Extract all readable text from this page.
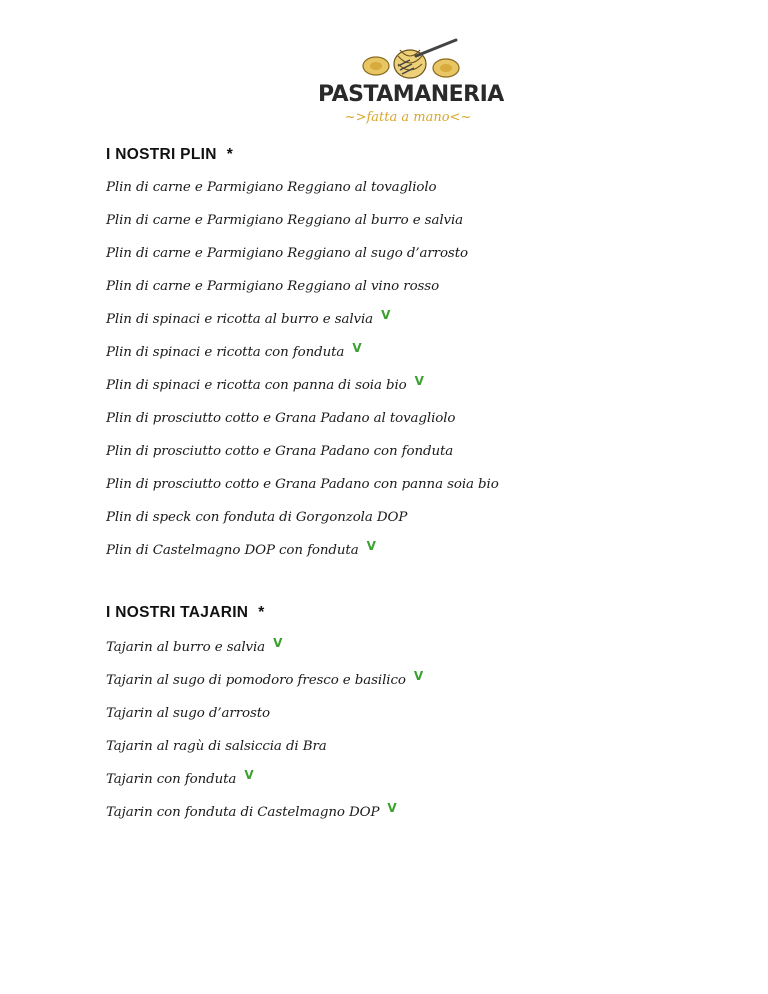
PASTAMANERIA
~>fatta a mano<~
I NOSTRI PLIN *
Plin di carne e Parmigiano Reggiano al tovagliolo
Plin di carne e Parmigiano Reggiano al burro e salvia
Plin di carne e Parmigiano Reggiano al sugo d’arrosto
Plin di carne e Parmigiano Reggiano al vino rosso
Plin di spinaci e ricotta al burro e salvia V
Plin di spinaci e ricotta con fonduta V
Plin di spinaci e ricotta con panna di soia bio V
Plin di prosciutto cotto e Grana Padano al tovagliolo
Plin di prosciutto cotto e Grana Padano con fonduta
Plin di prosciutto cotto e Grana Padano con panna soia bio
Plin di speck con fonduta di Gorgonzola DOP
Plin di Castelmagno DOP con fonduta V
I NOSTRI TAJARIN *
Tajarin al burro e salvia V
Tajarin al sugo di pomodoro fresco e basilico V
Tajarin al sugo d’arrosto
Tajarin al ragù di salsiccia di Bra
Tajarin con fonduta V
Tajarin con fonduta di Castelmagno DOP V
